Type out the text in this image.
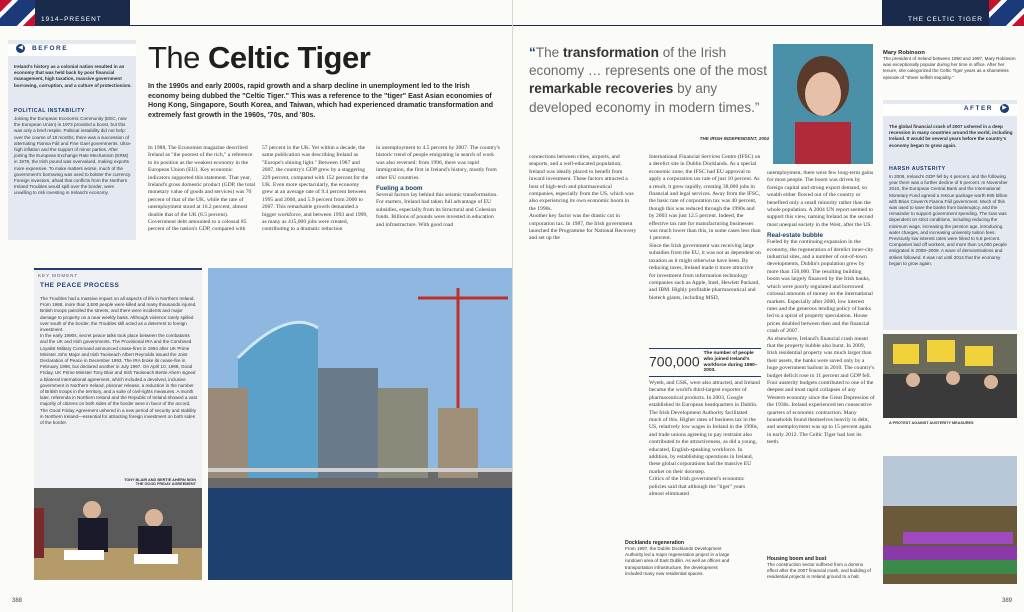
1914–PRESENT
◀	BEFORE
Ireland's history as a colonial nation resulted in an economy that was held back by poor financial management, high taxation, massive government borrowing, corruption, and a culture of protectionism.
POLITICAL INSTABILITY
Joining the European Economic Community (EEC, now the European Union) in 1973 provided a boost, but this was only a brief respite. Political instability did not help: over the course of 18 months, there was a succession of alternating Fianna Fáil and Fine Gael governments. Ultra-high inflation and the support of minor parties. After joining the European Exchange Rate Mechanism (ERM) in 1979, the Irish pound was overvalued, making exports more expensive. To make matters worse, much of the government's borrowing was used to bolster the currency. Foreign investors, afraid that conflicts from the Northern Ireland Troubles would spill over the border, were unwilling to risk investing in Ireland's economy.
The Celtic Tiger
In the 1990s and early 2000s, rapid growth and a sharp decline in unemployment led to the Irish economy being dubbed the "Celtic Tiger." This was a reference to the "tiger" East Asian economies of Hong Kong, Singapore, South Korea, and Taiwan, which had experienced dramatic transformation and extremely fast growth in the 1960s, '70s, and '80s.
In 1988, The Economist magazine described Ireland as "the poorest of the rich," a reference to its position as the weakest economy in the European Union (EU). Key economic indicators supported this statement. That year, Ireland's gross domestic product (GDP, the total monetary value of goods and services) was 70 percent of that of the UK, while the rate of unemployment stood at 16.2 percent, almost double that of the UK (8.5 percent). Government debt amounted to a colossal 85 percent of the nation's GDP, compared with
57 percent in the UK. Yet within a decade, the same publication was describing Ireland as "Europe's shining light." Between 1987 and 2007, the country's GDP grew by a staggering 229 percent, compared with 152 percent for the UK. Even more spectacularly, the economy grew at an average rate of 9.4 percent between 1995 and 2000, and 5.9 percent from 2000 to 2007. This remarkable growth demanded a bigger workforce, and between 1993 and 1999, as many as 415,000 jobs were created, contributing to a dramatic reduction
in unemployment to 4.5 percent by 2007. The country's historic trend of people emigrating in search of work was also reversed: from 1996, there was rapid immigration, the first in Ireland's history, mostly from other EU countries.
Fueling a boom
Several factors lay behind this seismic transformation. For starters, Ireland had taken full advantage of EU subsidies, especially from its Structural and Cohesion funds. Billions of pounds were invested in education and infrastructure. With good road
KEY MOMENT
THE PEACE PROCESS
The Troubles had a massive impact on all aspects of life in Northern Ireland. From 1968, more than 3,500 people were killed and many thousands injured. British troops patrolled the streets, and there were incidents and major damage to property on a near weekly basis. Although violence rarely spilled over south of the border, the Troubles still acted as a deterrent to foreign investment.
In the early 1990s, secret peace talks took place between the combatants and the UK and Irish governments. The Provisional IRA and the Combined Loyalist Military Command announced cease-fires in 1994 after UK Prime Minister John Major and Irish Taoiseach Albert Reynolds issued the Joint Declaration of Peace in December 1993. The IRA broke its cease-fire in February 1996, but declared another in July 1997. On April 10, 1998, Good Friday, UK Prime Minister Tony Blair and Irish Taoiseach Bertie Ahern signed a bilateral international agreement, which included a devolved, inclusive government in Northern Ireland, prisoner release, a reduction in the number of British troops in the territory, and a suite of civil-rights measures. A month later, referenda in Northern Ireland and the Republic of Ireland showed a vast majority of citizens on both sides of the border were in favor of the accord. The Good Friday Agreement ushered in a new period of security and stability in Northern Ireland—essential for attracting foreign investment on both sides of the border.
TONY BLAIR AND BERTIE AHERN SIGN THE GOOD FRIDAY AGREEMENT
388
THE CELTIC TIGER
“The transformation of the Irish economy … represents one of the most remarkable recoveries by any developed economy in modern times.”
THE IRISH INDEPENDENT, 2004
Mary Robinson
The president of Ireland between 1990 and 1997, Mary Robinson was exceptionally popular during her time in office. After her tenure, she categorized the Celtic Tiger years as a shameless episode of "sheer selfish stupidity."
AFTER	▶
The global financial crash of 2007 ushered in a deep recession in many countries around the world, including Ireland. It would be several years before the country's economy began to grow again.
HARSH AUSTERITY
In 2008, Ireland's GDP fell by 4 percent, and the following year there was a further decline of 5 percent. In November 2010, the European Central Bank and the International Monetary Fund agreed a rescue package worth €85 billion with Brian Cowen's Fianna Fáil government. Much of this was used to save the banks from bankruptcy, and the remainder to support government spending. The loan was dependent on strict conditions, including reducing the minimum wage, increasing the pension age, introducing water charges, and increasing university tuition fees. Previously low interest rates were hiked to 5.8 percent. Companies laid off workers, and more than 14,000 people emigrated in 2008–2009. A wave of demonstrations and strikes followed. It was not until 2014 that the economy began to grow again.
A PROTEST AGAINST AUSTERITY MEASURES
connections between cities, airports, and seaports, and a well-educated population, Ireland was ideally placed to benefit from inward investment. These factors attracted a host of high-tech and pharmaceutical companies, especially from the US, which was also experiencing its own economic boom in the 1990s.
Another key factor was the drastic cut in corporation tax. In 1987, the Irish government launched the Programme for National Recovery and set up the
International Financial Services Centre (IFSC) on a derelict site in Dublin Docklands. As a special economic zone, the IFSC had EU approval to apply a corporation tax rate of just 10 percent. As a result, it grew rapidly, creating 38,000 jobs in financial and legal services. Away from the IFSC, the basic rate of corporation tax was 40 percent, though this was reduced through the 1990s and by 2003 was just 12.5 percent. Indeed, the effective tax rate for manufacturing businesses was much lower than this, in some cases less than 1 percent.
Since the Irish government was receiving large subsidies from the EU, it was not as dependent on taxation as it might otherwise have been. By reducing taxes, Ireland made it more attractive for investment from information technology companies such as Apple, Intel, Hewlett Packard, and IBM. Highly profitable pharmaceutical and biotech giants, including MSD,
700,000 The number of people who joined Ireland's workforce during 1990–2003.
Wyeth, and GSK, were also attracted, and Ireland became the world's third-largest exporter of pharmaceutical products. In 2003, Google established its European headquarters in Dublin.
The Irish Development Authority facilitated much of this. Higher rates of business tax in the US, relatively low wages in Ireland in the 1990s, and trade unions agreeing to pay restraint also contributed to the attractiveness, as did a young, educated, English-speaking workforce. In addition, by establishing operations in Ireland, these global corporations had the massive EU market on their doorstep.
Critics of the Irish government's economic policies said that although the "tiger" years almost eliminated
unemployment, there were few long-term gains for most people. The boom was driven by foreign capital and strong export demand, so wealth either flowed out of the country or benefited only a small minority rather than the whole population. A 2004 UN report seemed to support this view, naming Ireland as the second most unequal society in the West, after the US.
Real-estate bubble
Fueled by the continuing expansion in the economy, the regeneration of derelict inner-city industrial sites, and a number of out-of-town developments, Dublin's population grew by more than 150,000. The resulting building boom was largely financed by the Irish banks, which were poorly regulated and borrowed colossal amounts of money on the international markets. Especially after 2000, low interest rates and the generous lending policy of banks led to a spiral of property speculation. House prices doubled between then and the financial crash of 2007.
As elsewhere, Ireland's financial crash meant that the property bubble also burst. In 2009, Irish residential property was much larger than their assets, the banks were saved only by a huge government bailout in 2010. The country's budget deficit rose to 11 percent and GDP fell. Four austerity budgets contributed to one of the deepest and most rapid collapses of any Western economy since the Great Depression of the 1930s. Ireland experienced ten consecutive quarters of economic contraction. Many households found themselves heavily in debt, and unemployment was up to 15 percent again in early 2012. The Celtic Tiger had lost its teeth.
Docklands regeneration
From 1997, the Dublin Docklands Development Authority led a major regeneration project in a large rundown area of East Dublin. As well as offices and transportation infrastructure, the development included many new residential spaces.
Housing boom and bust
The construction sector suffered from a domino effect after the 2007 financial crash, and building of residential projects in Ireland ground to a halt.
389
